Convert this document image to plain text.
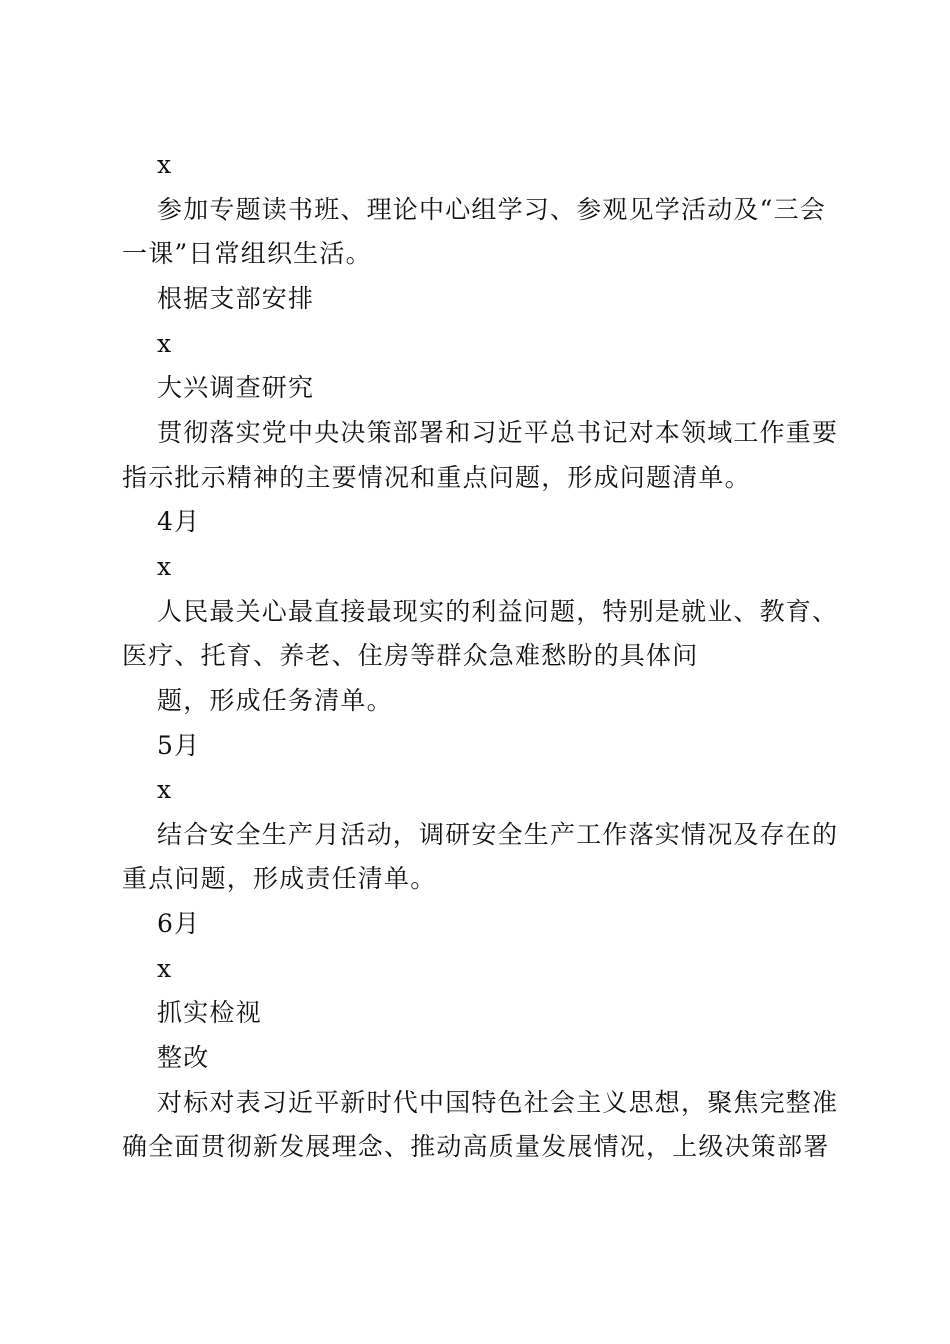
x

参加专题读书班、理论中心组学习、参观见学活动及“三会

一课”日常组织生活。

根据支部安排

x

大兴调查研究

贯彻落实党中央决策部署和习近平总书记对本领域工作重要

指示批示精神的主要情况和重点问题，形成问题清单。

4月

x

人民最关心最直接最现实的利益问题，特别是就业、教育、

医疗、托育、养老、住房等群众急难愁盼的具体问

题，形成任务清单。

5月

x

结合安全生产月活动，调研安全生产工作落实情况及存在的

重点问题，形成责任清单。

6月

x

抓实检视

整改

对标对表习近平新时代中国特色社会主义思想，聚焦完整准

确全面贯彻新发展理念、推动高质量发展情况，上级决策部署
